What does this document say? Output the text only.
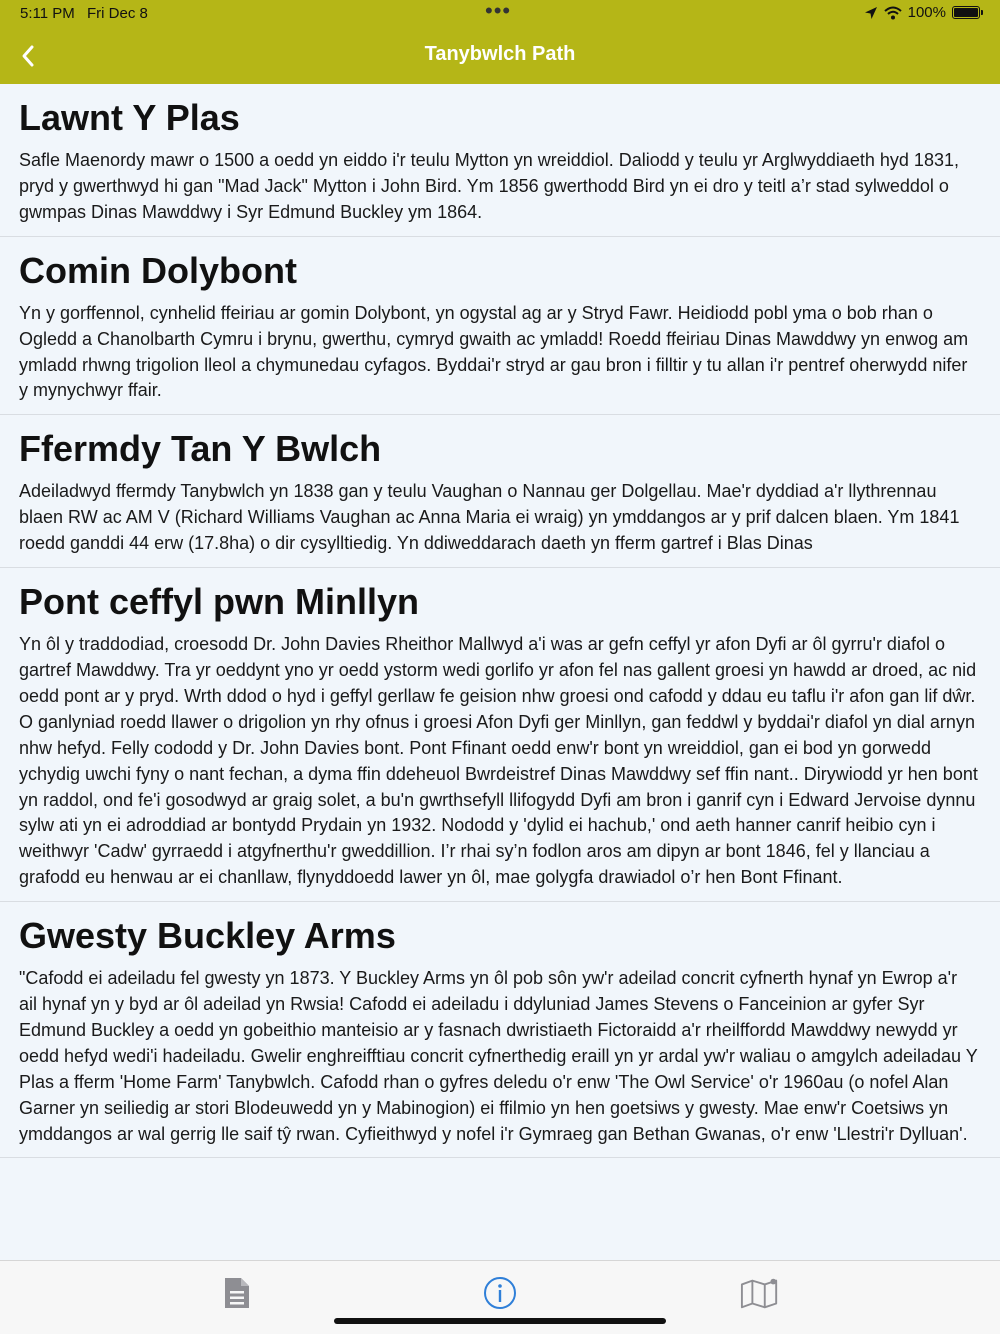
5:11 PM Fri Dec 8	•••	100%
Tanybwlch Path
Lawnt Y Plas

Safle Maenordy mawr o 1500 a oedd yn eiddo i'r teulu Mytton yn wreiddiol. Daliodd y teulu yr Arglwyddiaeth hyd 1831, pryd y gwerthwyd hi gan "Mad Jack" Mytton i John Bird. Ym 1856 gwerthodd Bird yn ei dro y teitl a’r stad sylweddol o gwmpas Dinas Mawddwy i Syr Edmund Buckley ym 1864.

Comin Dolybont

Yn y gorffennol, cynhelid ffeiriau ar gomin Dolybont, yn ogystal ag ar y Stryd Fawr. Heidiodd pobl yma o bob rhan o Ogledd a Chanolbarth Cymru i brynu, gwerthu, cymryd gwaith ac ymladd! Roedd ffeiriau Dinas Mawddwy yn enwog am ymladd rhwng trigolion lleol a chymunedau cyfagos. Byddai'r stryd ar gau bron i filltir y tu allan i'r pentref oherwydd nifer y mynychwyr ffair.

Ffermdy Tan Y Bwlch

Adeiladwyd ffermdy Tanybwlch yn 1838 gan y teulu Vaughan o Nannau ger Dolgellau. Mae'r dyddiad a'r llythrennau blaen RW ac AM V (Richard Williams Vaughan ac Anna Maria ei wraig) yn ymddangos ar y prif dalcen blaen. Ym 1841 roedd ganddi 44 erw (17.8ha) o dir cysylltiedig. Yn ddiweddarach daeth yn fferm gartref i Blas Dinas

Pont ceffyl pwn Minllyn

Yn ôl y traddodiad, croesodd Dr. John Davies Rheithor Mallwyd a'i was ar gefn ceffyl yr afon Dyfi ar ôl gyrru'r diafol o gartref Mawddwy. Tra yr oeddynt yno yr oedd ystorm wedi gorlifo yr afon fel nas gallent groesi yn hawdd ar droed, ac nid oedd pont ar y pryd. Wrth ddod o hyd i geffyl gerllaw fe geision nhw groesi ond cafodd y ddau eu taflu i'r afon gan lif dŵr. O ganlyniad roedd llawer o drigolion yn rhy ofnus i groesi Afon Dyfi ger Minllyn, gan feddwl y byddai'r diafol yn dial arnyn nhw hefyd. Felly cododd y Dr. John Davies bont. Pont Ffinant oedd enw'r bont yn wreiddiol, gan ei bod yn gorwedd ychydig uwchi fyny o nant fechan, a dyma ffin ddeheuol Bwrdeistref Dinas Mawddwy sef ffin nant.. Dirywiodd yr hen bont yn raddol, ond fe'i gosodwyd ar graig solet, a bu'n gwrthsefyll llifogydd Dyfi am bron i ganrif cyn i Edward Jervoise dynnu sylw ati yn ei adroddiad ar bontydd Prydain yn 1932. Nododd y 'dylid ei hachub,' ond aeth hanner canrif heibio cyn i weithwyr 'Cadw' gyrraedd i atgyfnerthu'r gweddillion. I’r rhai sy’n fodlon aros am dipyn ar bont 1846, fel y llanciau a grafodd eu henwau ar ei chanllaw, flynyddoedd lawer yn ôl, mae golygfa drawiadol o’r hen Bont Ffinant.

Gwesty Buckley Arms

"Cafodd ei adeiladu fel gwesty yn 1873. Y Buckley Arms yn ôl pob sôn yw'r adeilad concrit cyfnerth hynaf yn Ewrop a'r ail hynaf yn y byd ar ôl adeilad yn Rwsia! Cafodd ei adeiladu i ddyluniad James Stevens o Fanceinion ar gyfer Syr Edmund Buckley a oedd yn gobeithio manteisio ar y fasnach dwristiaeth Fictoraidd a'r rheilffordd Mawddwy newydd yr oedd hefyd wedi'i hadeiladu. Gwelir enghreifftiau concrit cyfnerthedig eraill yn yr ardal yw'r waliau o amgylch adeiladau Y Plas a fferm 'Home Farm' Tanybwlch. Cafodd rhan o gyfres deledu o'r enw 'The Owl Service' o'r 1960au (o nofel Alan Garner yn seiliedig ar stori Blodeuwedd yn y Mabinogion) ei ffilmio yn hen goetsiws y gwesty. Mae enw'r Coetsiws yn ymddangos ar wal gerrig lle saif tŷ rwan. Cyfieithwyd y nofel i'r Gymraeg gan Bethan Gwanas, o'r enw 'Llestri'r Dylluan'.
